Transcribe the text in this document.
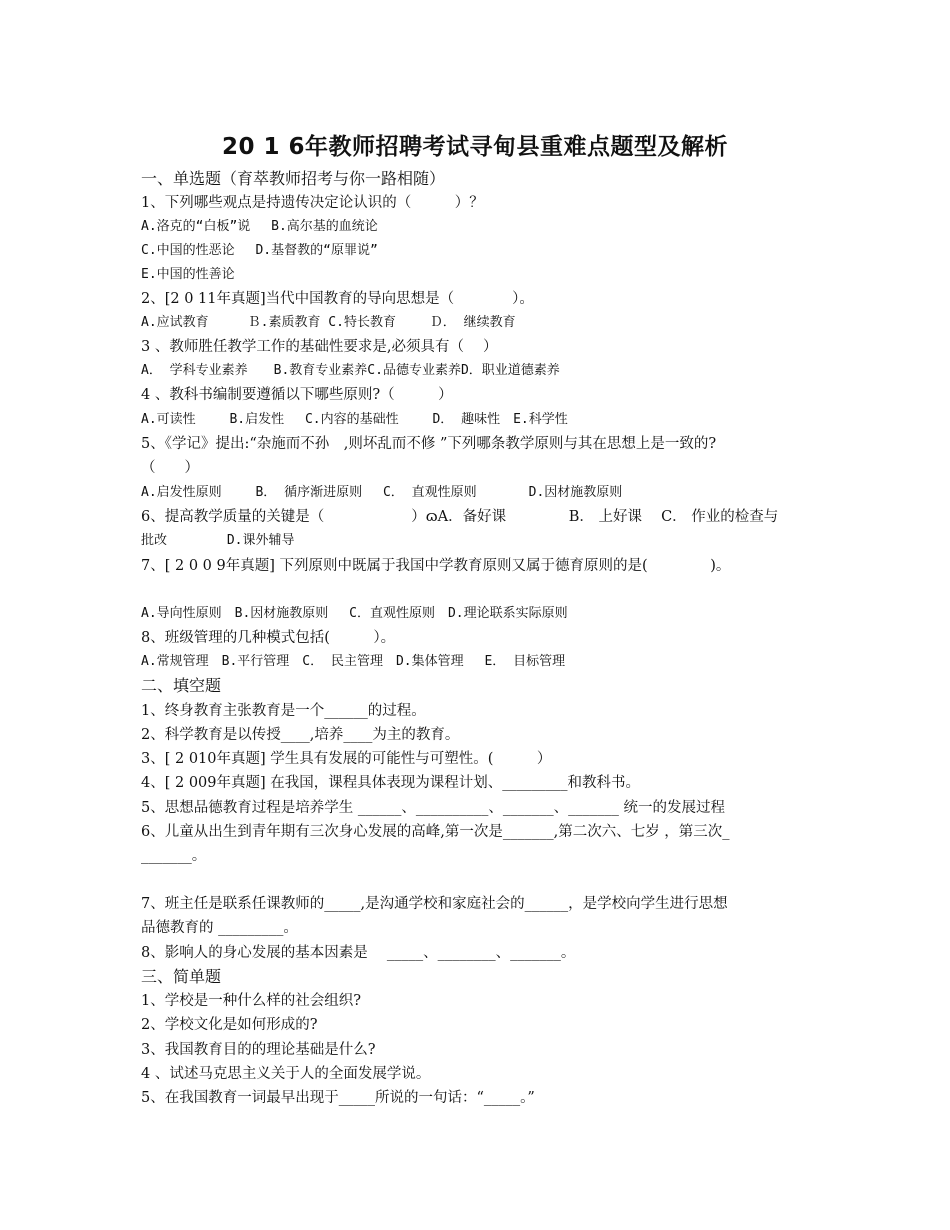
20 1 6年教师招聘考试寻甸县重难点题型及解析
一、单选题（育萃教师招考与你一路相随）
1、下列哪些观点是持遗传决定论认识的（　　　）？
A.洛克的“白板”说　 B.高尔基的血统论
C.中国的性恶论　 D.基督教的“原罪说”
E.中国的性善论
2、[2 0 11年真题]当代中国教育的导向思想是（　　　　）。
A.应试教育　　　Ｂ.素质教育 C.特长教育　　 Ｄ． 继续教育
3 、教师胜任教学工作的基础性要求是,必须具有（　 ）
A． 学科专业素养　　B.教育专业素养C.品德专业素养D．职业道德素养
4 、教科书编制要遵循以下哪些原则?（　　　）
A.可读性　　 B.启发性　 C.内容的基础性　　 D． 趣味性　E.科学性
5、《学记》提出:“杂施而不孙　,则坏乱而不修 ”下列哪条教学原则与其在思想上是一致的?
（　　）
A.启发性原则　　 B． 循序渐进原则　 C． 直观性原则　　　　D.因材施教原则
6、提高教学质量的关键是（　　　　　　）ɷA．备好课　　　　 B． 上好课　 C． 作业的检查与
批改　　　　 D.课外辅导
7、[ 2 0 0 9年真题] 下列原则中既属于我国中学教育原则又属于德育原则的是(　　　　 )。
A.导向性原则　B.因材施教原则　 C．直观性原则　D.理论联系实际原则
8、班级管理的几种模式包括(　　　）。
A.常规管理　B.平行管理　C． 民主管理　D.集体管理　 E． 目标管理
二、填空题
1、终身教育主张教育是一个______的过程。
2、科学教育是以传授____,培养____为主的教育。
3、[ 2 010年真题] 学生具有发展的可能性与可塑性。(　　　）
4、[ 2 009年真题] 在我国，课程具体表现为课程计划、_________和教科书。
5、思想品德教育过程是培养学生 ______、__________、_______、_______ 统一的发展过程
6、儿童从出生到青年期有三次身心发展的高峰,第一次是_______,第二次六、七岁 ，第三次_
_______。
7、班主任是联系任课教师的_____,是沟通学校和家庭社会的______，是学校向学生进行思想
品德教育的 _________。
8、影响人的身心发展的基本因素是　 _____、________、_______。
三、简单题
1、学校是一种什么样的社会组织?
2、学校文化是如何形成的?
3、我国教育目的的理论基础是什么?
4 、试述马克思主义关于人的全面发展学说。
5、在我国教育一词最早出现于_____所说的一句话：“_____。”
